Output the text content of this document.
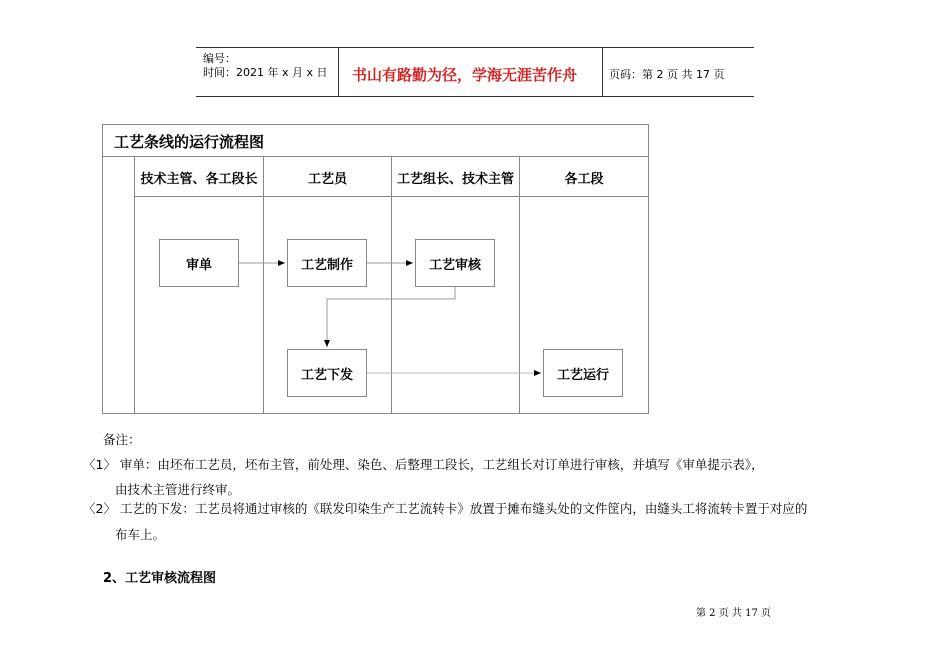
编号：
时间：2021 年 x 月 x 日 书山有路勤为径，学海无涯苦作舟	页码：第 2 页 共 17 页
工艺条线的运行流程图
技术主管、各工段长	工艺员	工艺组长、技术主管	各工段
审单	工艺制作	工艺审核
工艺下发	工艺运行
备注：
〈1〉 审单：由坯布工艺员，坯布主管，前处理、染色、后整理工段长，工艺组长对订单进行审核，并填写《审单提示表》，
由技术主管进行终审。
〈2〉 工艺的下发：工艺员将通过审核的《联发印染生产工艺流转卡》放置于摊布缝头处的文件筐内，由缝头工将流转卡置于对应的
布车上。
2、工艺审核流程图
第 2 页 共 17 页
